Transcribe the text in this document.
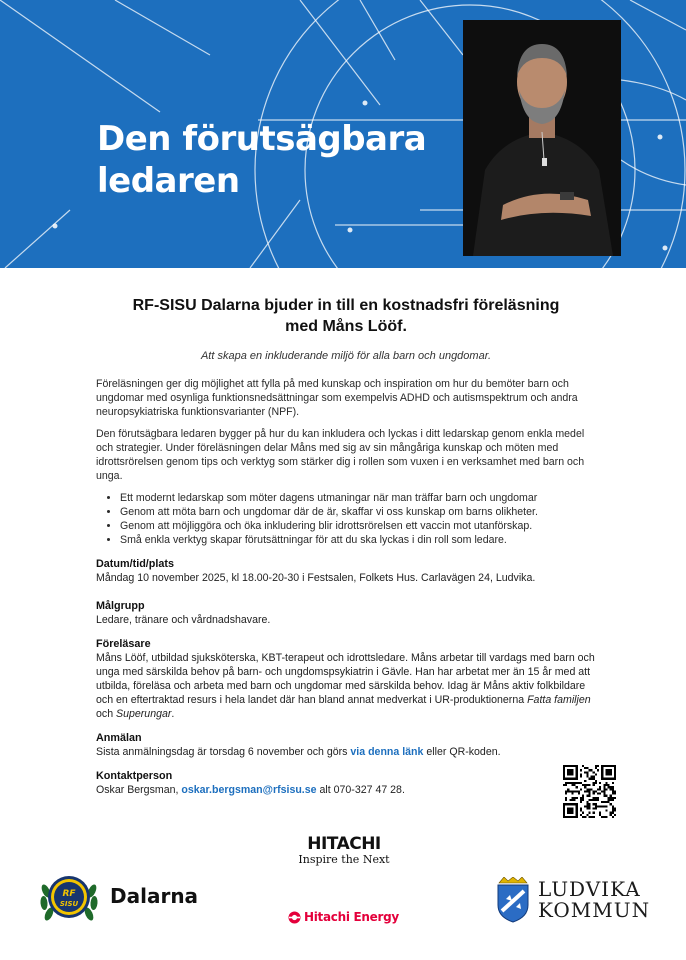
Den förutsägbara
ledaren
RF-SISU Dalarna bjuder in till en kostnadsfri föreläsning
med Måns Lööf.
Att skapa en inkluderande miljö för alla barn och ungdomar.

Föreläsningen ger dig möjlighet att fylla på med kunskap och inspiration om hur du bemöter barn och ungdomar med osynliga funktionsnedsättningar som exempelvis ADHD och autismspektrum och andra neuropsykiatriska funktionsvarianter (NPF).

Den förutsägbara ledaren bygger på hur du kan inkludera och lyckas i ditt ledarskap genom enkla medel och strategier. Under föreläsningen delar Måns med sig av sin mångåriga kunskap och möten med idrottsrörelsen genom tips och verktyg som stärker dig i rollen som vuxen i en verksamhet med barn och unga.

• Ett modernt ledarskap som möter dagens utmaningar när man träffar barn och ungdomar
• Genom att möta barn och ungdomar där de är, skaffar vi oss kunskap om barns olikheter.
• Genom att möjliggöra och öka inkludering blir idrottsrörelsen ett vaccin mot utanförskap.
• Små enkla verktyg skapar förutsättningar för att du ska lyckas i din roll som ledare.
Datum/tid/plats
Måndag 10 november 2025, kl 18.00-20-30 i Festsalen, Folkets Hus. Carlavägen 24, Ludvika.
Målgrupp
Ledare, tränare och vårdnadshavare.
Föreläsare
Måns Lööf, utbildad sjuksköterska, KBT-terapeut och idrottsledare. Måns arbetar till vardags med barn och unga med särskilda behov på barn- och ungdomspsykiatrin i Gävle. Han har arbetat mer än 15 år med att utbilda, föreläsa och arbeta med barn och ungdomar med särskilda behov. Idag är Måns aktiv folkbildare och en eftertraktad resurs i hela landet där han bland annat medverkat i UR-produktionerna Fatta familjen och Superungar.
Anmälan
Sista anmälningsdag är torsdag 6 november och görs via denna länk eller QR-koden.
Kontaktperson
Oskar Bergsman, oskar.bergsman@rfsisu.se alt 070-327 47 28.
HITACHI
Inspire the Next
Hitachi Energy
RF
SISU Dalarna	LUDVIKA
KOMMUN
